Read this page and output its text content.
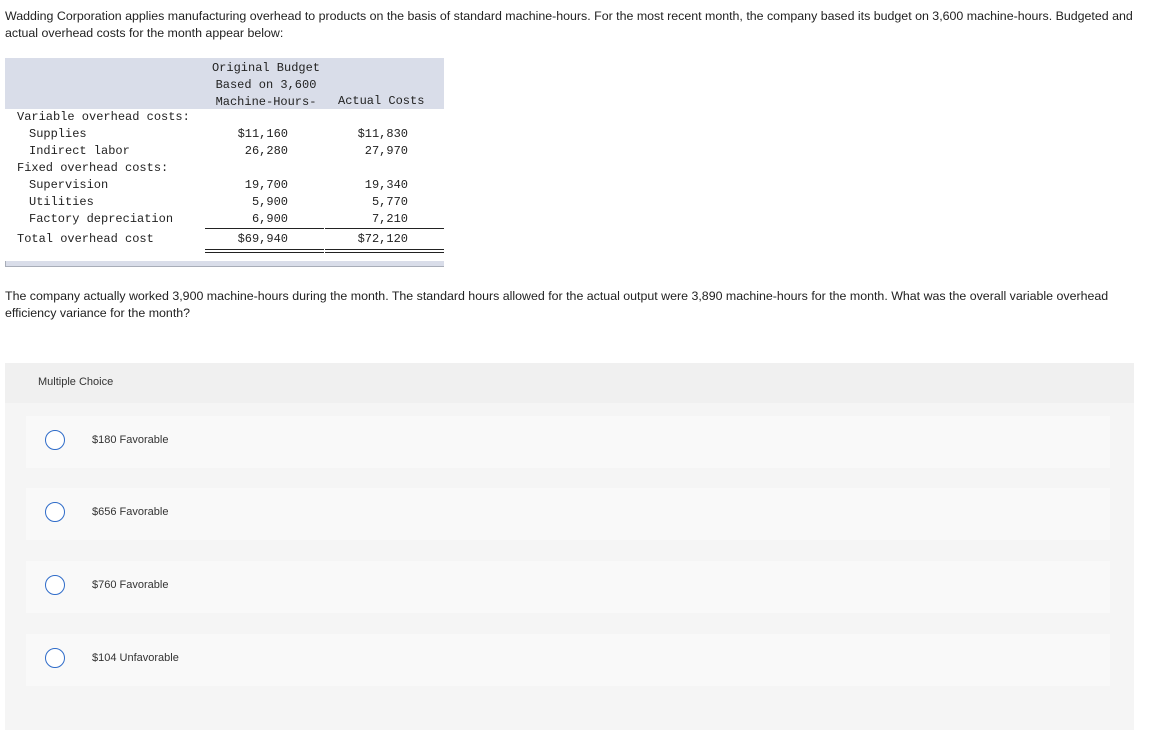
Wadding Corporation applies manufacturing overhead to products on the basis of standard machine-hours. For the most recent month, the company based its budget on 3,600 machine-hours. Budgeted and actual overhead costs for the month appear below:

Original Budget
Based on 3,600
Machine-Hours-	Actual Costs
Variable overhead costs:
Supplies	$11,160	$11,830
Indirect labor	26,280	27,970
Fixed overhead costs:
Supervision	19,700	19,340
Utilities	5,900	5,770
Factory depreciation	6,900	7,210
Total overhead cost	$69,940	$72,120

The company actually worked 3,900 machine-hours during the month. The standard hours allowed for the actual output were 3,890 machine-hours for the month. What was the overall variable overhead efficiency variance for the month?

Multiple Choice
$180 Favorable
$656 Favorable
$760 Favorable
$104 Unfavorable
